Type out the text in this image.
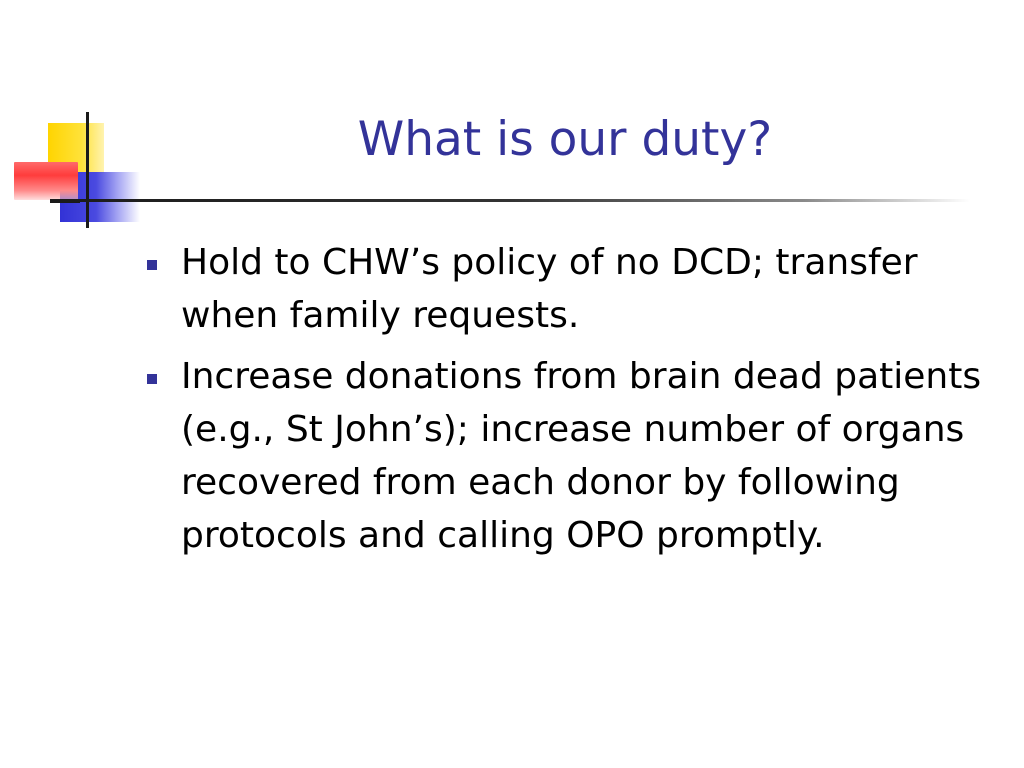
What is our duty?
Hold to CHW’s policy of no DCD; transfer when family requests.
Increase donations from brain dead patients (e.g., St John’s); increase number of organs recovered from each donor by following protocols and calling OPO promptly.
